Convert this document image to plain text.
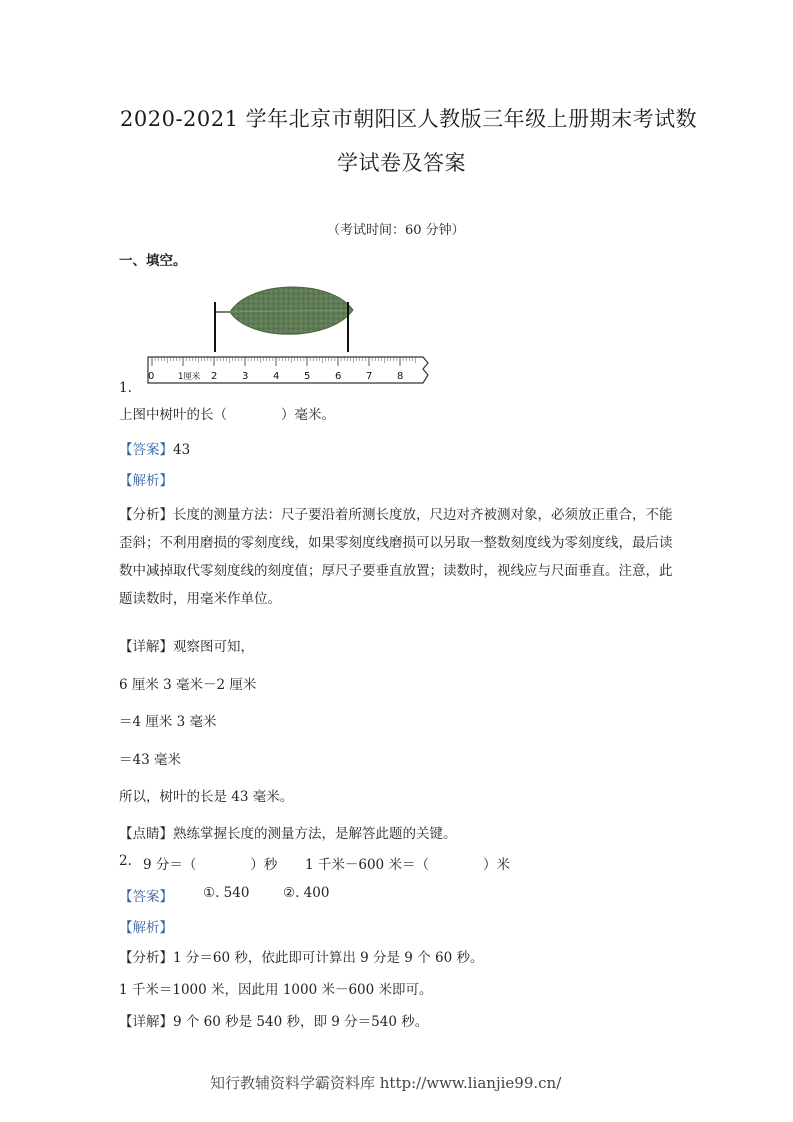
2020-2021 学年北京市朝阳区人教版三年级上册期末考试数
学试卷及答案
（考试时间：60 分钟）
一、填空。
0	1厘米 2 3 4 5 6 7 8
1.
上图中树叶的长（　　　　）毫米。
【答案】43
【解析】
【分析】长度的测量方法：尺子要沿着所测长度放，尺边对齐被测对象，必须放正重合，不能歪斜；不利用磨损的零刻度线，如果零刻度线磨损可以另取一整数刻度线为零刻度线，最后读数中减掉取代零刻度线的刻度值；厚尺子要垂直放置；读数时，视线应与尺面垂直。注意，此题读数时，用毫米作单位。
【详解】观察图可知，
6 厘米 3 毫米－2 厘米
＝4 厘米 3 毫米
＝43 毫米
所以，树叶的长是 43 毫米。
【点睛】熟练掌握长度的测量方法，是解答此题的关键。
2. 9 分＝（　　　　）秒 1 千米－600 米＝（　　　　）米
【答案】 ①. 540 ②. 400
【解析】
【分析】1 分＝60 秒，依此即可计算出 9 分是 9 个 60 秒。
1 千米＝1000 米，因此用 1000 米－600 米即可。
【详解】9 个 60 秒是 540 秒，即 9 分＝540 秒。
知行教辅资料学霸资料库 http://www.lianjie99.cn/
